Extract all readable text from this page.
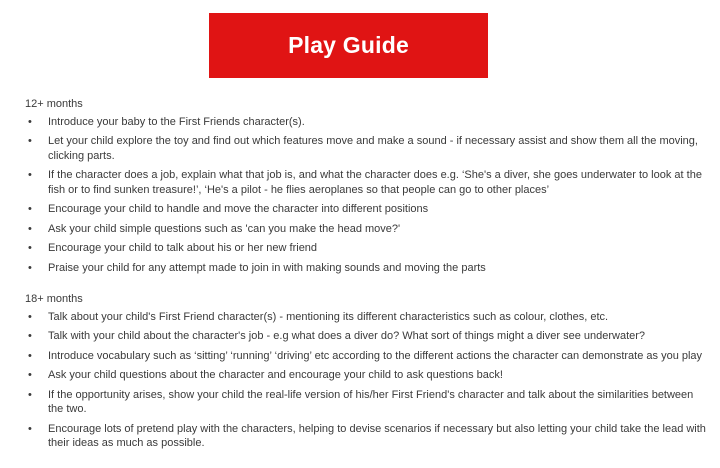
Play Guide
12+ months
•	Introduce your baby to the First Friends character(s).
•	Let your child explore the toy and find out which features move and make a sound - if necessary assist and show them all the moving, clicking parts.
•	If the character does a job, explain what that job is, and what the character does e.g. ‘She's a diver, she goes underwater to look at the fish or to find sunken treasure!’, ‘He's a pilot - he flies aeroplanes so that people can go to other places’
•	Encourage your child to handle and move the character into different positions
•	Ask your child simple questions such as 'can you make the head move?'
•	Encourage your child to talk about his or her new friend
•	Praise your child for any attempt made to join in with making sounds and moving the parts
18+ months
•	Talk about your child's First Friend character(s) - mentioning its different characteristics such as colour, clothes, etc.
•	Talk with your child about the character's job - e.g what does a diver do? What sort of things might a diver see underwater?
•	Introduce vocabulary such as ‘sitting’ ‘running’ ‘driving’ etc according to the different actions the character can demonstrate as you play
•	Ask your child questions about the character and encourage your child to ask questions back!
•	If the opportunity arises, show your child the real-life version of his/her First Friend's character and talk about the similarities between the two.
•	Encourage lots of pretend play with the characters, helping to devise scenarios if necessary but also letting your child take the lead with their ideas as much as possible.
